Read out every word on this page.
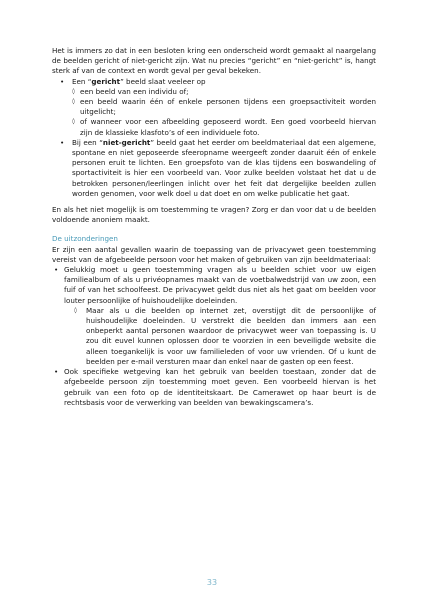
Het is immers zo dat in een besloten kring een onderscheid wordt gemaakt al naargelang de beelden gericht of niet-gericht zijn. Wat nu precies “gericht” en “niet-gericht” is, hangt sterk af van de context en wordt geval per geval bekeken.

• Een “gericht” beeld slaat veeleer op
◊ een beeld van een individu of;
◊ een beeld waarin één of enkele personen tijdens een groepsactiviteit worden uitgelicht;
◊ of wanneer voor een afbeelding geposeerd wordt. Een goed voorbeeld hiervan zijn de klassieke klasfoto’s of een individuele foto.
• Bij een “niet-gericht” beeld gaat het eerder om beeldmateriaal dat een algemene, spontane en niet geposeerde sfeeropname weergeeft zonder daaruit één of enkele personen eruit te lichten. Een groepsfoto van de klas tijdens een boswandeling of sportactiviteit is hier een voorbeeld van. Voor zulke beelden volstaat het dat u de betrokken personen/leerlingen inlicht over het feit dat dergelijke beelden zullen worden genomen, voor welk doel u dat doet en om welke publicatie het gaat.

En als het niet mogelijk is om toestemming te vragen? Zorg er dan voor dat u de beelden voldoende anoniem maakt.

De uitzonderingen

Er zijn een aantal gevallen waarin de toepassing van de privacywet geen toestemming vereist van de afgebeelde persoon voor het maken of gebruiken van zijn beeldmateriaal:

• Gelukkig moet u geen toestemming vragen als u beelden schiet voor uw eigen familiealbum of als u privéopnames maakt van de voetbalwedstrijd van uw zoon, een fuif of van het schoolfeest. De privacywet geldt dus niet als het gaat om beelden voor louter persoonlijke of huishoudelijke doeleinden.
◊ Maar als u die beelden op internet zet, overstijgt dit de persoonlijke of huishoudelijke doeleinden. U verstrekt die beelden dan immers aan een onbeperkt aantal personen waardoor de privacywet weer van toepassing is. U zou dit euvel kunnen oplossen door te voorzien in een beveiligde website die alleen toegankelijk is voor uw familieleden of voor uw vrienden. Of u kunt de beelden per e-mail versturen maar dan enkel naar de gasten op een feest.
• Ook specifieke wetgeving kan het gebruik van beelden toestaan, zonder dat de afgebeelde persoon zijn toestemming moet geven. Een voorbeeld hiervan is het gebruik van een foto op de identiteitskaart. De Camerawet op haar beurt is de rechtsbasis voor de verwerking van beelden van bewakingscamera’s.
33
